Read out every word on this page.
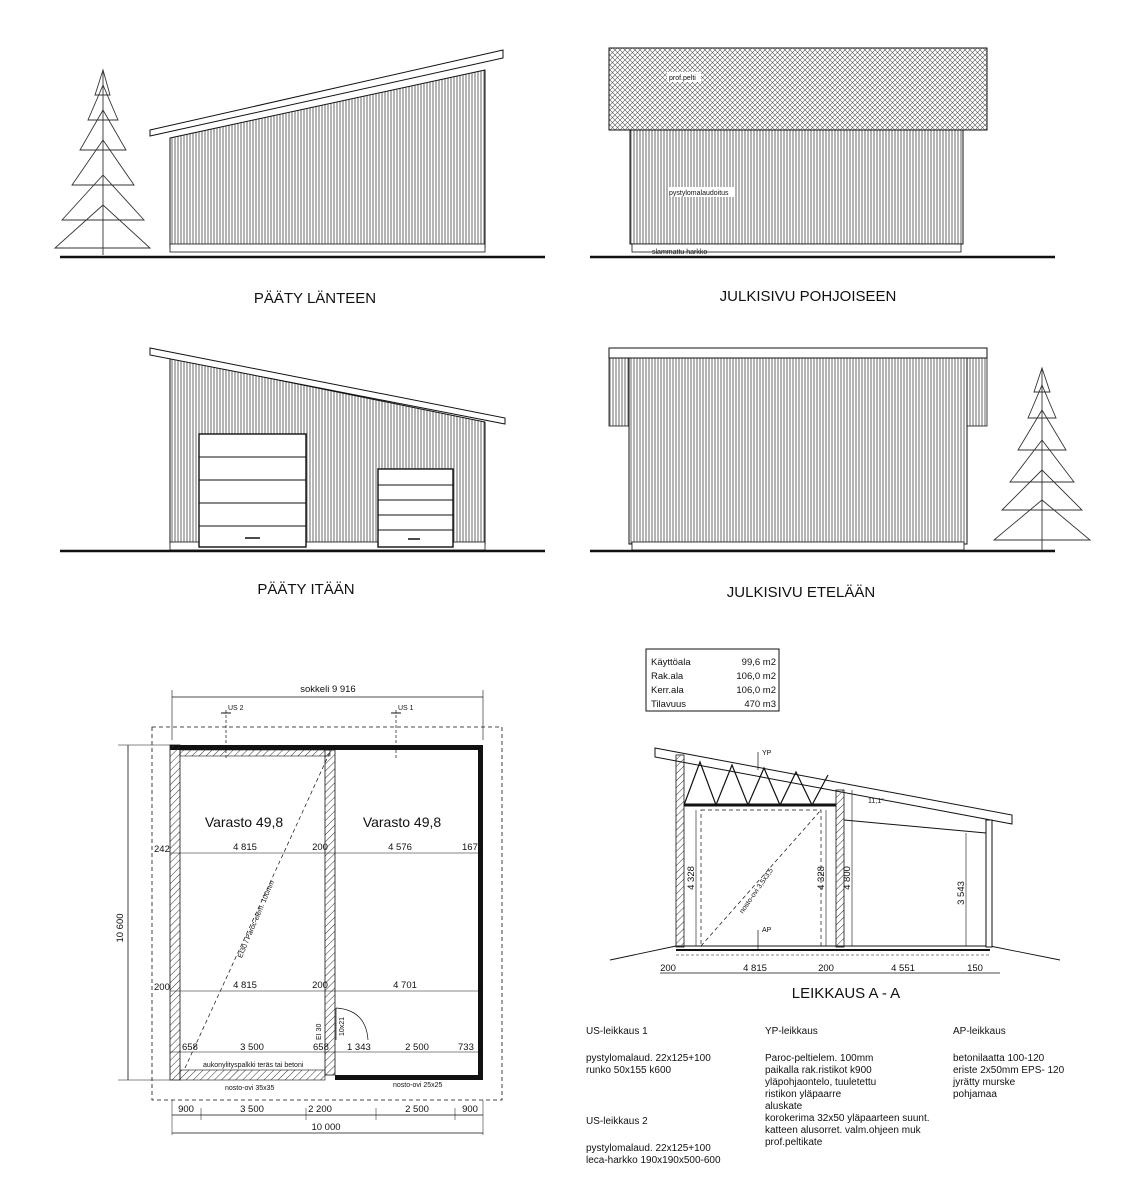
PÄÄTY LÄNTEEN
prof.pelti
pystylomalaudoitus
slammattu harkko
JULKISIVU POHJOISEEN
PÄÄTY ITÄÄN	JULKISIVU ETELÄÄN
Käyttöala	99,6 m2
Rak.ala	106,0 m2
Kerr.ala	106,0 m2
Tilavuus	470 m3
sokkeli 9 916
US 2	US 1
EI30 / Paroc-elem. 100mm
Varasto 49,8	Varasto 49,8
242	4 815	200	4 576	167
200	4 815	200	4 701
10x21
EI 30
658	3 500	658 1 343	2 500	733
aukonylityspalkki teräs tai betoni
nosto-ovi 35x35	nosto-ovi 25x25
10 600
900	3 500	2 200	2 500	900
10 000
nosto-ovi 3,5x3,5
YP
AP
11,1°
4 328	4 328 4 800
3 543
200	4 815	200	4 551	150
LEIKKAUS A - A
US-leikkaus 1
pystylomalaud. 22x125+100
runko 50x155 k600
US-leikkaus 2
pystylomalaud. 22x125+100
leca-harkko 190x190x500-600
YP-leikkaus
Paroc-peltielem. 100mm
paikalla rak.ristikot k900
yläpohjaontelo, tuuletettu
ristikon yläpaarre
aluskate
korokerima 32x50 yläpaarteen suunt.
katteen alusorret. valm.ohjeen muk
prof.peltikate
AP-leikkaus
betonilaatta 100-120
eriste 2x50mm EPS- 120
jyrätty murske
pohjamaa
